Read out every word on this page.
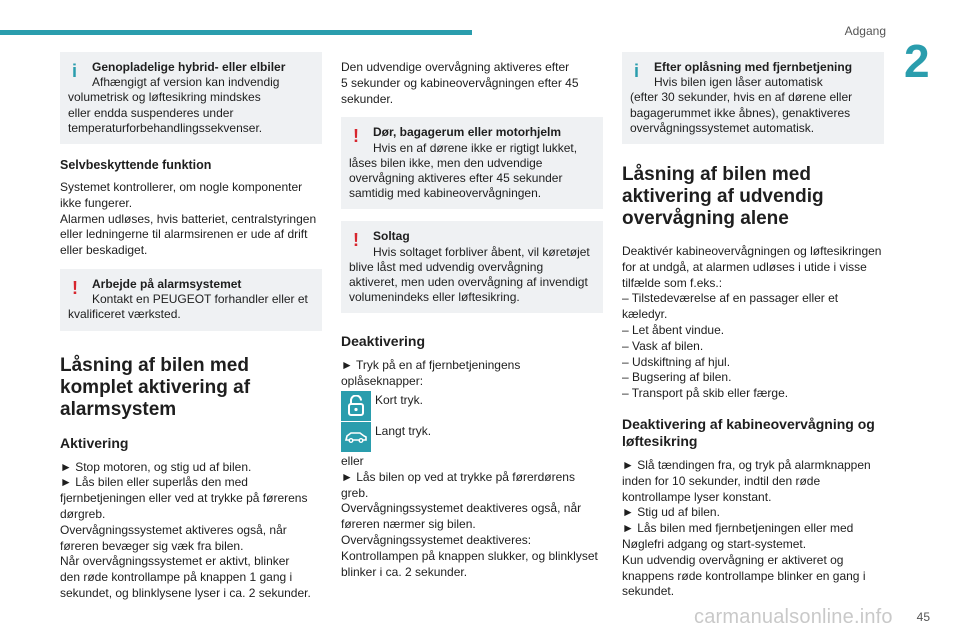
Adgang
2
i	Genopladelige hybrid- eller elbiler
Afhængigt af version kan indvendig
volumetrisk og løftesikring mindskes
eller endda suspenderes under
temperaturforbehandlingssekvenser.
Selvbeskyttende funktion

Systemet kontrollerer, om nogle komponenter
ikke fungerer.
Alarmen udløses, hvis batteriet, centralstyringen
eller ledningerne til alarmsirenen er ude af drift
eller beskadiget.

!	Arbejde på alarmsystemet
Kontakt en PEUGEOT forhandler eller et
kvalificeret værksted.
Låsning af bilen med komplet aktivering af alarmsystem
Aktivering

► Stop motoren, og stig ud af bilen.
► Lås bilen eller superlås den med
fjernbetjeningen eller ved at trykke på førerens
dørgreb.
Overvågningssystemet aktiveres også, når
føreren bevæger sig væk fra bilen.
Når overvågningssystemet er aktivt, blinker
den røde kontrollampe på knappen 1 gang i
sekundet, og blinklysene lyser i ca. 2 sekunder.

Den udvendige overvågning aktiveres efter
5 sekunder og kabineovervågningen efter 45
sekunder.

!	Dør, bagagerum eller motorhjelm
Hvis en af dørene ikke er rigtigt lukket,
låses bilen ikke, men den udvendige
overvågning aktiveres efter 45 sekunder
samtidig med kabineovervågningen.
!	Soltag
Hvis soltaget forbliver åbent, vil køretøjet
blive låst med udvendig overvågning
aktiveret, men uden overvågning af invendigt
volumenindeks eller løftesikring.
Deaktivering

► Tryk på en af fjernbetjeningens
oplåseknapper:

Kort tryk.
Langt tryk.

eller
► Lås bilen op ved at trykke på førerdørens
greb.
Overvågningssystemet deaktiveres også, når
føreren nærmer sig bilen.
Overvågningssystemet deaktiveres:
Kontrollampen på knappen slukker, og blinklyset
blinker i ca. 2 sekunder.

i	Efter oplåsning med fjernbetjening
Hvis bilen igen låser automatisk
(efter 30 sekunder, hvis en af dørene eller
bagagerummet ikke åbnes), genaktiveres
overvågningssystemet automatisk.
Låsning af bilen med aktivering af udvendig overvågning alene

Deaktivér kabineovervågningen og løftesikringen
for at undgå, at alarmen udløses i utide i visse
tilfælde som f.eks.:
– Tilstedeværelse af en passager eller et
kæledyr.
– Let åbent vindue.
– Vask af bilen.
– Udskiftning af hjul.
– Bugsering af bilen.
– Transport på skib eller færge.

Deaktivering af kabineovervågning og løftesikring

► Slå tændingen fra, og tryk på alarmknappen
inden for 10 sekunder, indtil den røde
kontrollampe lyser konstant.
► Stig ud af bilen.
► Lås bilen med fjernbetjeningen eller med
Nøglefri adgang og start-systemet.
Kun udvendig overvågning er aktiveret og
knappens røde kontrollampe blinker en gang i
sekundet.

45
carmanualsonline.info
